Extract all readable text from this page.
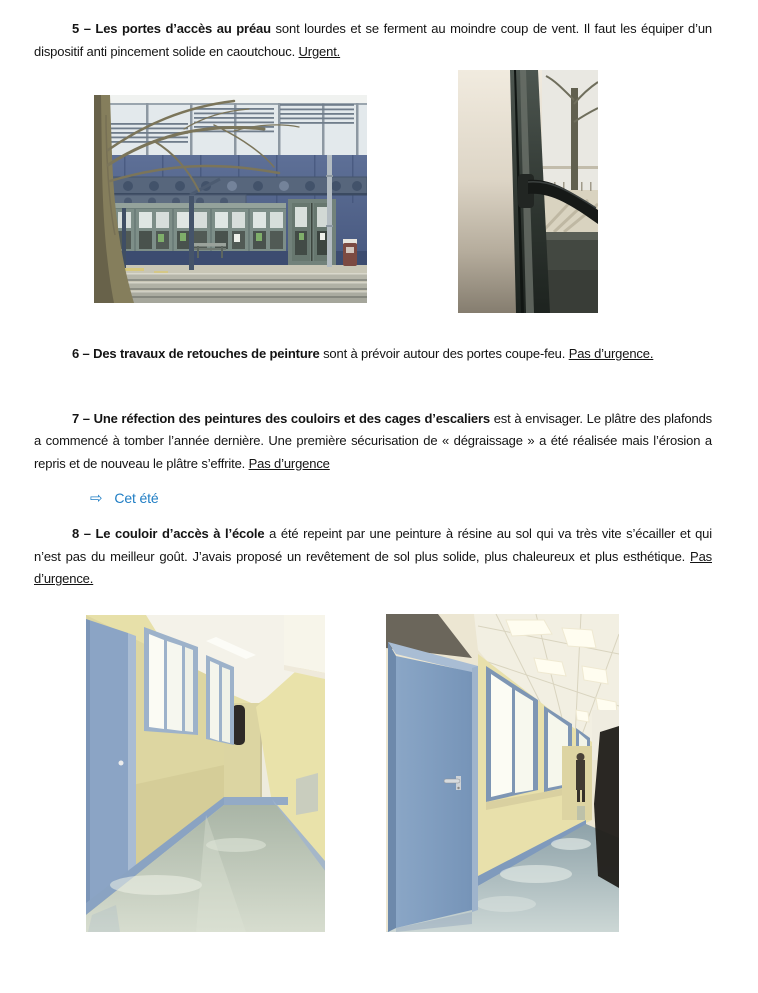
5 – Les portes d’accès au préau sont lourdes et se ferment au moindre coup de vent. Il faut les équiper d’un dispositif anti pincement solide en caoutchouc. Urgent.

6 – Des travaux de retouches de peinture sont à prévoir autour des portes coupe-feu. Pas d’urgence.

7 – Une réfection des peintures des couloirs et des cages d’escaliers est à envisager. Le plâtre des plafonds a commencé à tomber l’année dernière. Une première sécurisation de « dégraissage » a été réalisée mais l’érosion a repris et de nouveau le plâtre s’effrite. Pas d’urgence

⇨ Cet été

8 – Le couloir d’accès à l’école a été repeint par une peinture à résine au sol qui va très vite s’écailler et qui n’est pas du meilleur goût. J’avais proposé un revêtement de sol plus solide, plus chaleureux et plus esthétique. Pas d’urgence.
